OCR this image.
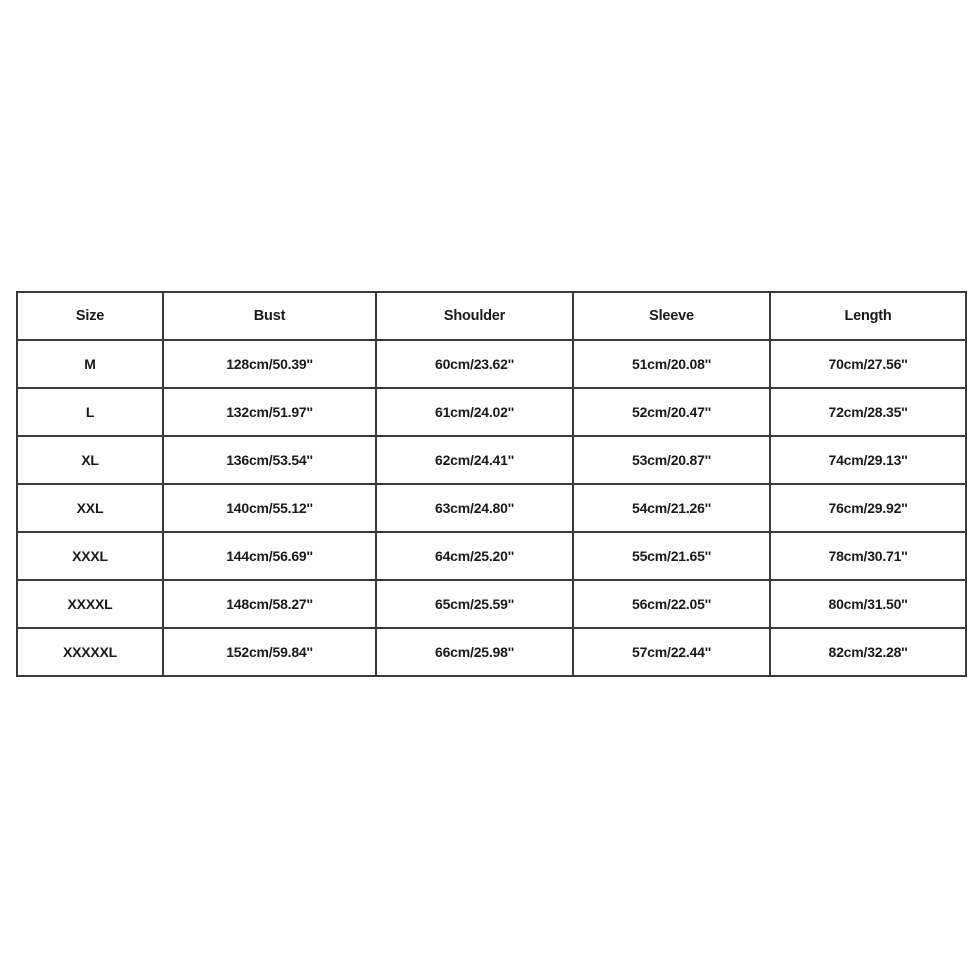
Size	Bust	Shoulder	Sleeve	Length
M	128cm/50.39''	60cm/23.62''	51cm/20.08''	70cm/27.56''
L	132cm/51.97''	61cm/24.02''	52cm/20.47''	72cm/28.35''
XL	136cm/53.54''	62cm/24.41''	53cm/20.87''	74cm/29.13''
XXL	140cm/55.12''	63cm/24.80''	54cm/21.26''	76cm/29.92''
XXXL	144cm/56.69''	64cm/25.20''	55cm/21.65''	78cm/30.71''
XXXXL	148cm/58.27''	65cm/25.59''	56cm/22.05''	80cm/31.50''
XXXXXL	152cm/59.84''	66cm/25.98''	57cm/22.44''	82cm/32.28''
